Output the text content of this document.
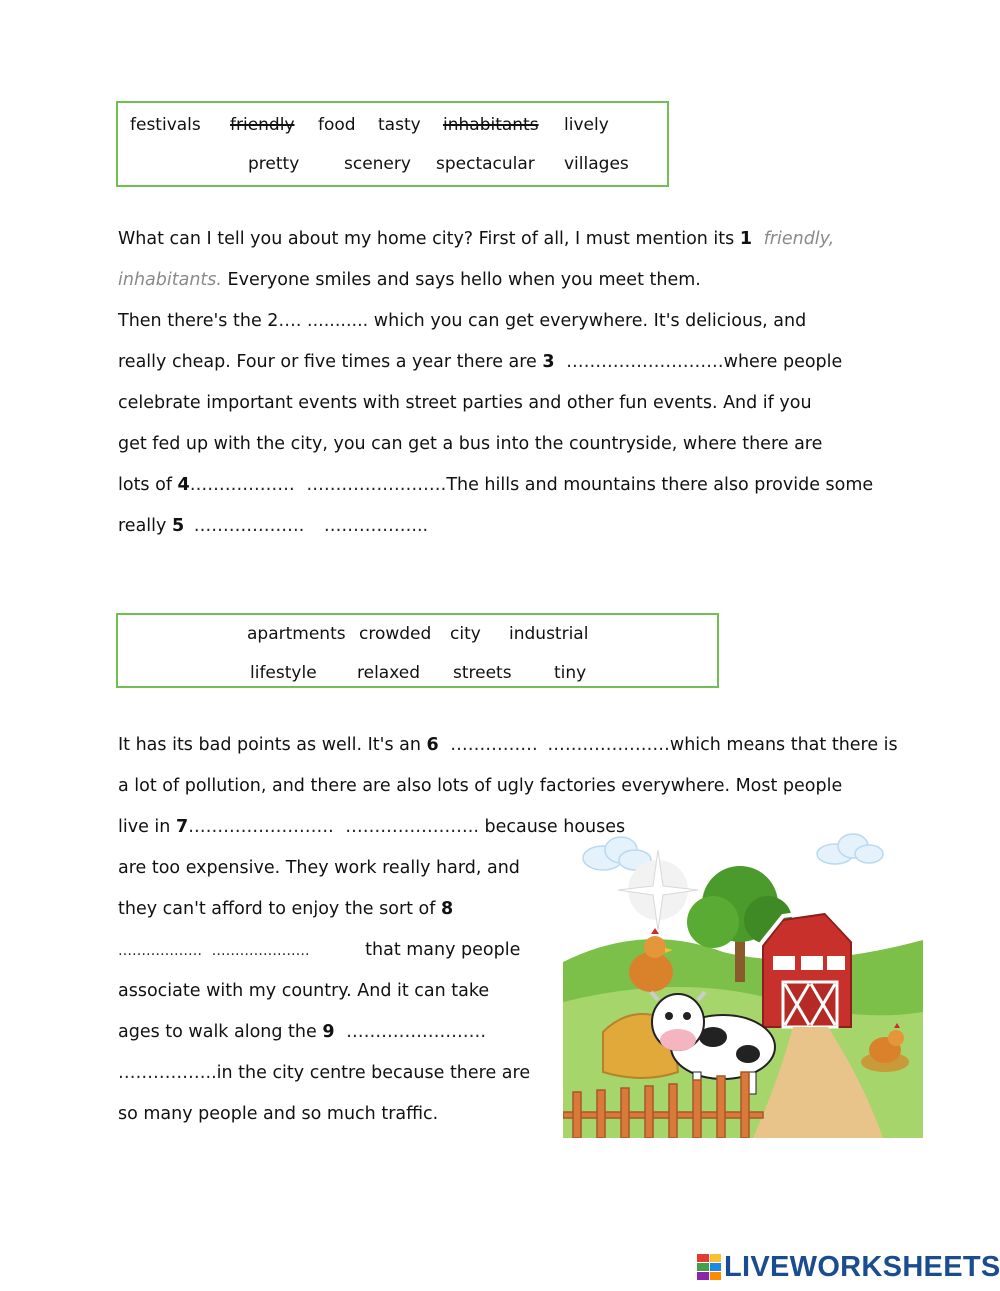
festivals friendly food tasty inhabitants lively
pretty	scenery spectacular villages
What can I tell you about my home city? First of all, I must mention its 1 friendly,
inhabitants. Everyone smiles and says hello when you meet them.
Then there's the 2…. ........... which you can get everywhere. It's delicious, and
really cheap. Four or five times a year there are 3 ………………………where people
celebrate important events with street parties and other fun events. And if you
get fed up with the city, you can get a bus into the countryside, where there are
lots of 4……………… ……………………The hills and mountains there also provide some
really 5 ………………. ……………...
apartments crowded city industrial
lifestyle relaxed streets tiny
It has its bad points as well. It's an 6 …………… …………………which means that there is
a lot of pollution, and there are also lots of ugly factories everywhere. Most people
live in 7……………………. ………………….. because houses
are too expensive. They work really hard, and
they can't afford to enjoy the sort of 8
……………… …………………	that many people
associate with my country. And it can take
ages to walk along the 9 ……………………
……………..in the city centre because there are
so many people and so much traffic.
LIVEWORKSHEETS
